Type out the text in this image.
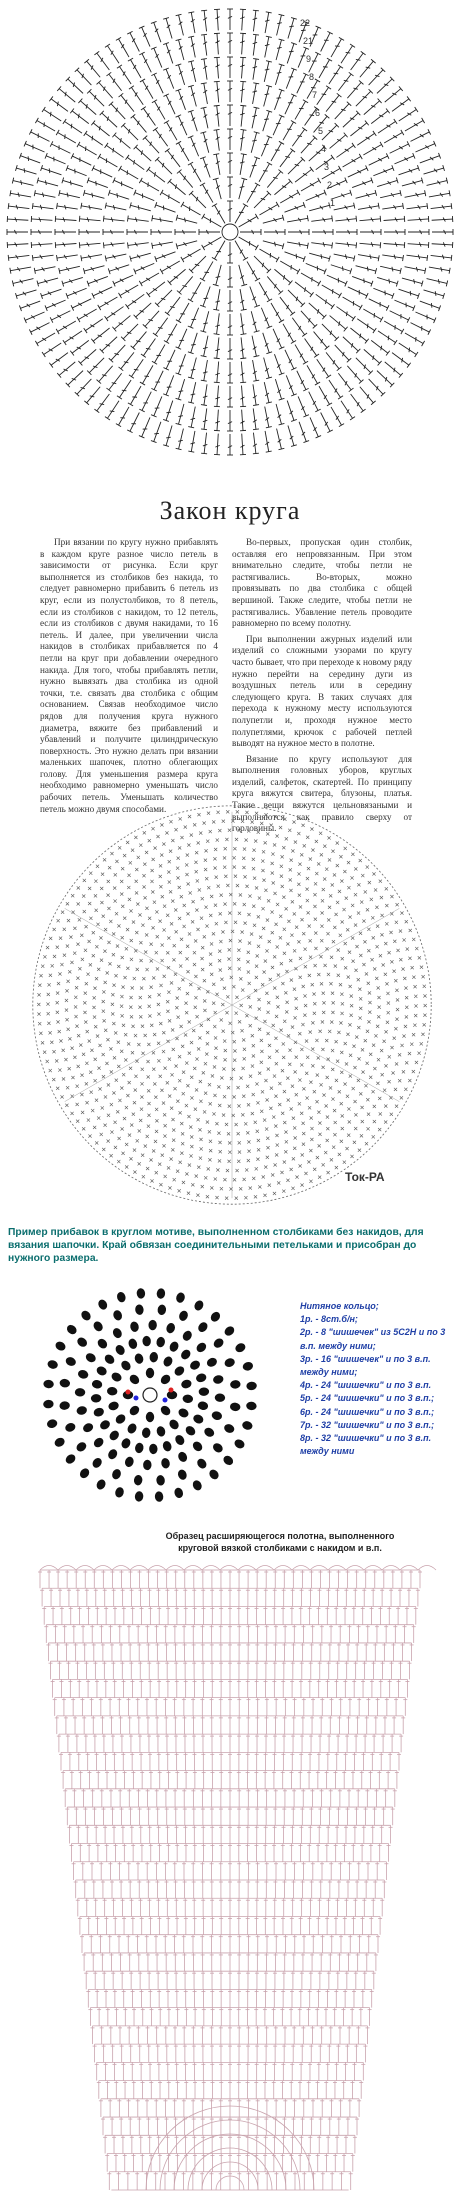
22
21
9
8
7
6
5
4
3
2
1
Закон круга

При вязании по кругу нужно прибавлять в каждом круге разное число петель в зависимости от рисунка. Если круг выполняется из столбиков без накида, то следует равномерно прибавить 6 петель из круг, если из полустолбиков, то 8 петель, если из столбиков с накидом, то 12 петель, если из столбиков с двумя накидами, то 16 петель. И далее, при увеличении числа накидов в столбиках прибавляется по 4 петли на круг при добавлении очередного накида. Для того, чтобы прибавлять петли, нужно вывязать два столбика из одной точки, т.е. связать два столбика с общим основанием. Связав необходимое число рядов для получения круга нужного диаметра, вяжите без прибавлений и убавлений и получите цилиндрическую поверхность. Это нужно делать при вязании маленьких шапочек, плотно облегающих голову. Для уменьшения размера круга необходимо равномерно уменьшать число рабочих петель. Уменьшать количество петель можно двумя способами.

Во-первых, пропуская один столбик, оставляя его непровязанным. При этом внимательно следите, чтобы петли не растягивались. Во-вторых, можно провязывать по два столбика с общей вершиной. Также следите, чтобы петли не растягивались. Убавление петель проводите равномерно по всему полотну.

При выполнении ажурных изделий или изделий со сложными узорами по кругу часто бывает, что при переходе к новому ряду нужно перейти на середину дуги из воздушных петель или в середину следующего круга. В таких случаях для перехода к нужному месту используются полупетли и, проходя нужное место полупетлями, крючок с рабочей петлей выводят на нужное место в полотне.

Вязание по кругу используют для выполнения головных уборов, круглых изделий, салфеток, скатертей. По принципу круга вяжутся свитера, блузоны, платья. Такие вещи вяжутся цельновязаными и выполняются как правило сверху от горловины.

Ток-РА
Пример прибавок в круглом мотиве, выполненном столбиками без накидов, для вязания шапочки. Край обвязан соединительными петельками и присобран до нужного размера.

Нитяное кольцо;

1р. - 8ст.б/н;

2р. - 8 "шишечек" из 5С2Н и по 3 в.п. между ними;

3р. - 16 "шишечек" и по 3 в.п. между ними;

4р. - 24 "шишечки" и по 3 в.п.

5р. - 24 "шишечки" и по 3 в.п.;

6р. - 24 "шишечки" и по 3 в.п.;

7р. - 32 "шишечки" и по 3 в.п.;

8р. - 32 "шишечки" и по 3 в.п. между ними

Образец расширяющегося полотна, выполненного круговой вязкой столбиками с накидом и в.п.
